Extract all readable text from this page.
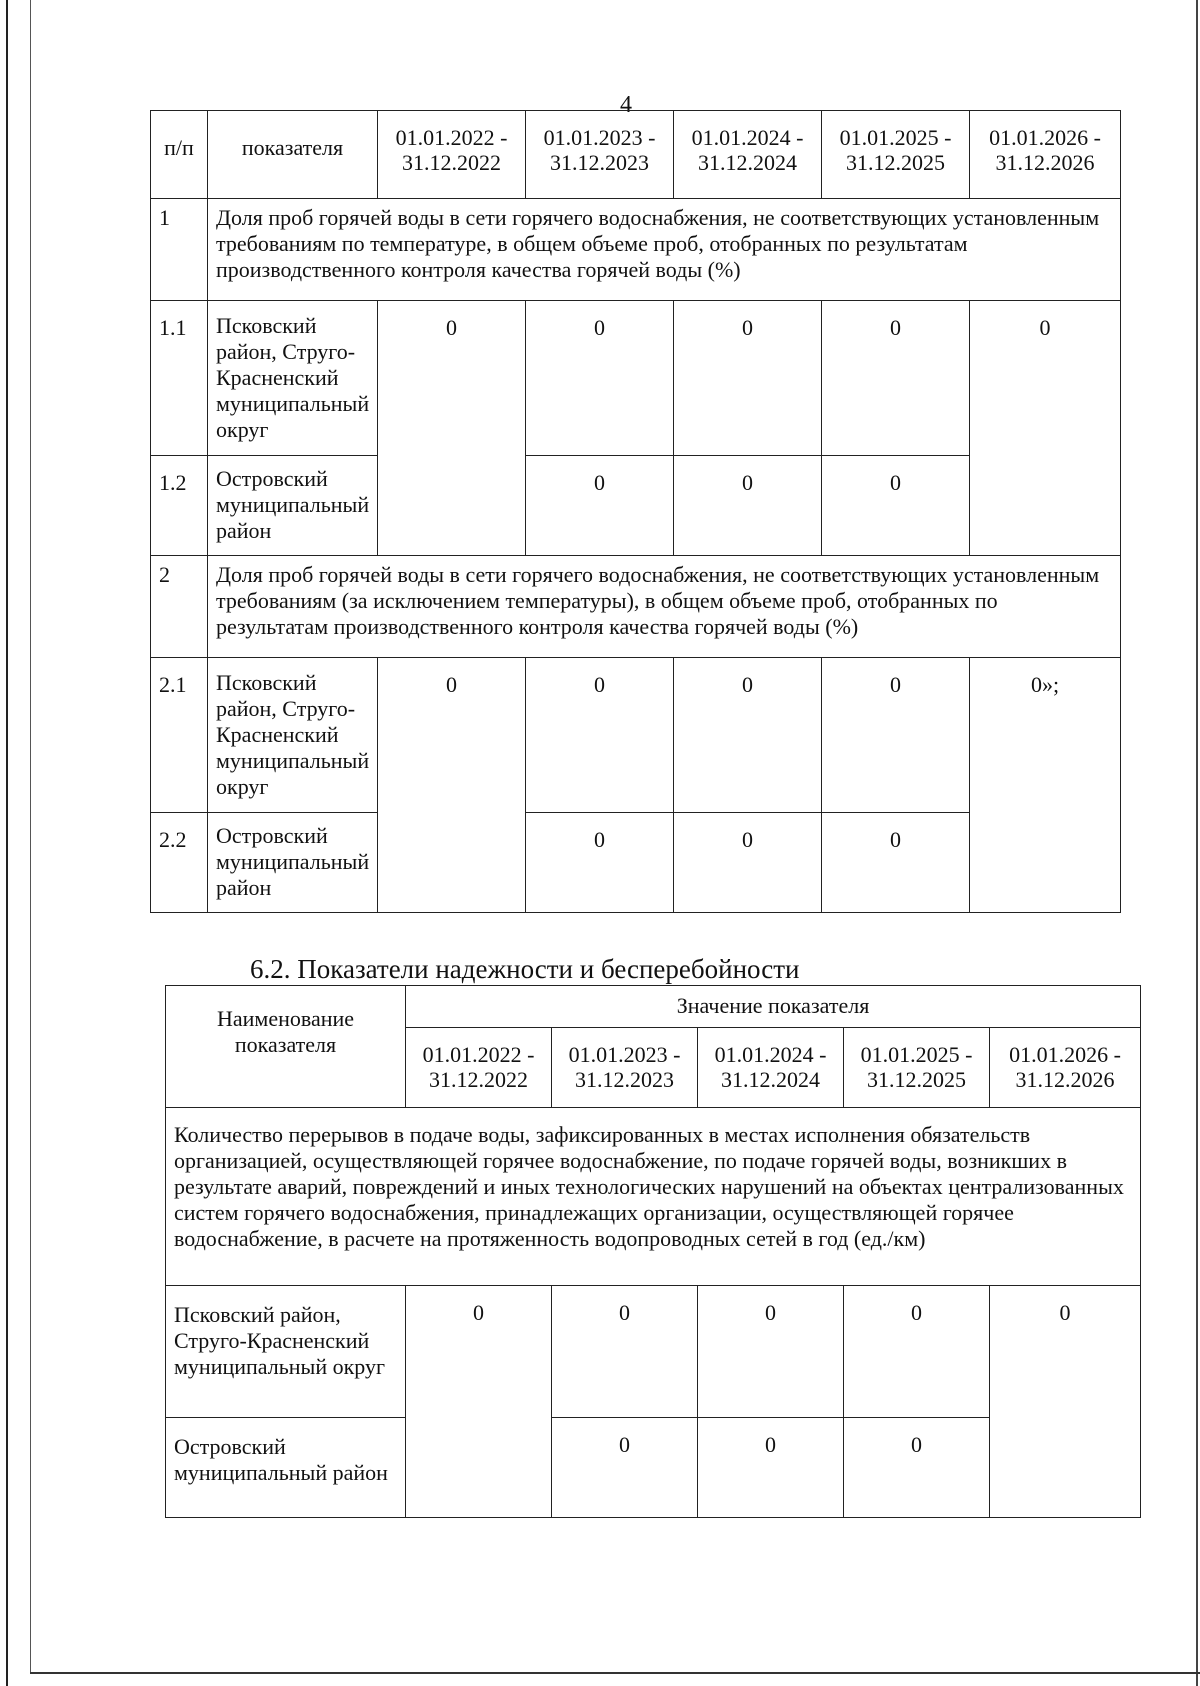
4
п/п	показателя	01.01.2022 - 31.12.2022	01.01.2023 - 31.12.2023	01.01.2024 - 31.12.2024	01.01.2025 - 31.12.2025	01.01.2026 - 31.12.2026
1	Доля проб горячей воды в сети горячего водоснабжения, не соответствующих установленным требованиям по температуре, в общем объеме проб, отобранных по результатам производственного контроля качества горячей воды (%)					
1.1	Псковский район, Струго-Красненский муниципальный округ	0	0	0	0	0
1.2	Островский муниципальный район		0	0	0	
2	Доля проб горячей воды в сети горячего водоснабжения, не соответствующих установленным требованиям (за исключением температуры), в общем объеме проб, отобранных по результатам производственного контроля качества горячей воды (%)					
2.1	Псковский район, Струго-Красненский муниципальный округ	0	0	0	0	0»;
2.2	Островский муниципальный район		0	0	0	
6.2. Показатели надежности и бесперебойности
Наименование показателя	Значение показателя				
	01.01.2022 - 31.12.2022	01.01.2023 - 31.12.2023	01.01.2024 - 31.12.2024	01.01.2025 - 31.12.2025	01.01.2026 - 31.12.2026
Количество перерывов в подаче воды, зафиксированных в местах исполнения обязательств организацией, осуществляющей горячее водоснабжение, по подаче горячей воды, возникших в результате аварий, повреждений и иных технологических нарушений на объектах централизованных систем горячего водоснабжения, принадлежащих организации, осуществляющей горячее водоснабжение, в расчете на протяженность водопроводных сетей в год (ед./км)					
Псковский район, Струго-Красненский муниципальный округ	0	0	0	0	0
Островский муниципальный район		0	0	0	
